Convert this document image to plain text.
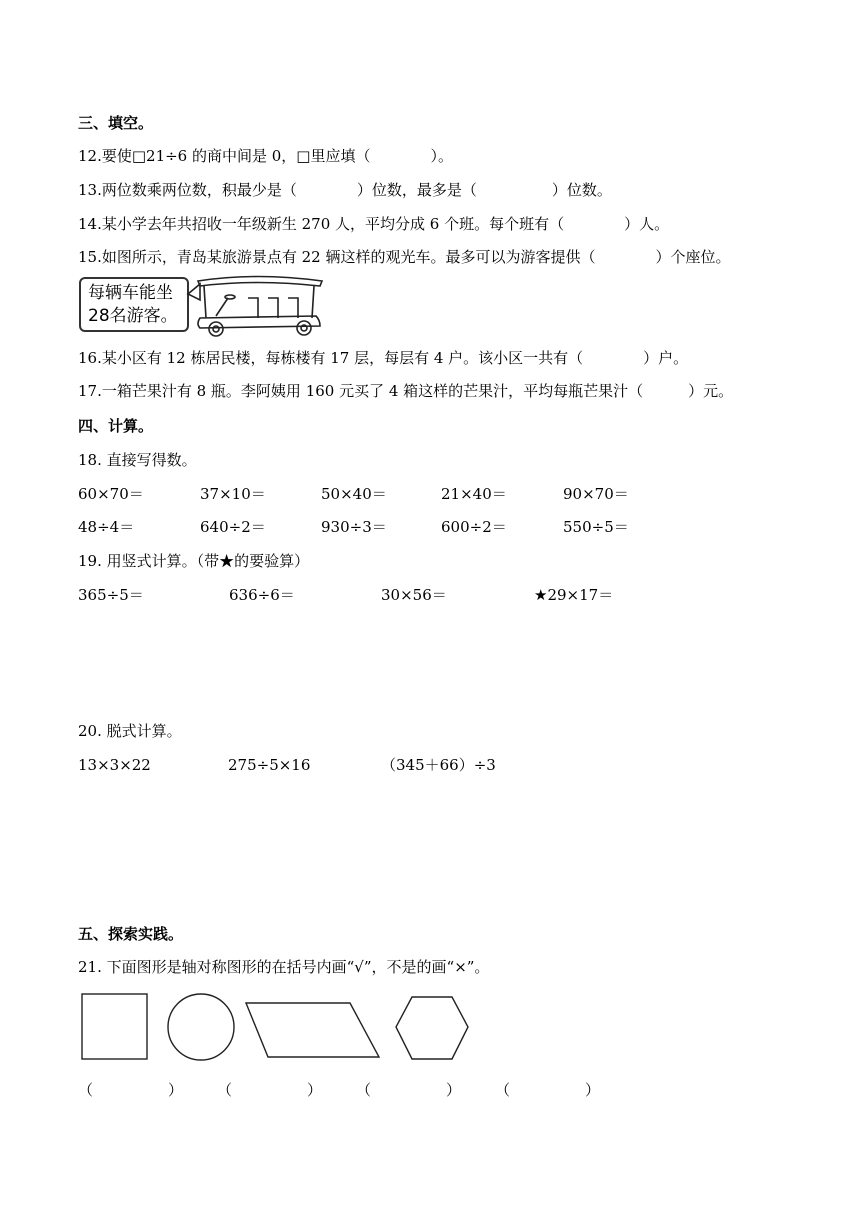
三、填空。
12.要使□21÷6 的商中间是 0，□里应填（　　　　）。
13.两位数乘两位数，积最少是（　　　　）位数，最多是（　　　　　）位数。
14.某小学去年共招收一年级新生 270 人，平均分成 6 个班。每个班有（　　　　）人。
15.如图所示，青岛某旅游景点有 22 辆这样的观光车。最多可以为游客提供（　　　　）个座位。
每辆车能坐
28名游客。
16.某小区有 12 栋居民楼，每栋楼有 17 层，每层有 4 户。该小区一共有（　　　　）户。
17.一箱芒果汁有 8 瓶。李阿姨用 160 元买了 4 箱这样的芒果汁，平均每瓶芒果汁（　　　）元。
四、计算。
18. 直接写得数。
60×70＝	37×10＝	50×40＝	21×40＝	90×70＝
48÷4＝	640÷2＝	930÷3＝	600÷2＝	550÷5＝
19. 用竖式计算。（带★的要验算）
365÷5＝	636÷6＝	30×56＝	★29×17＝
20. 脱式计算。
13×3×22	275÷5×16	（345＋66）÷3
五、探索实践。
21. 下面图形是轴对称图形的在括号内画“√”，不是的画“×”。
（　　　　　） （　　　　　） （　　　　　） （　　　　　）
